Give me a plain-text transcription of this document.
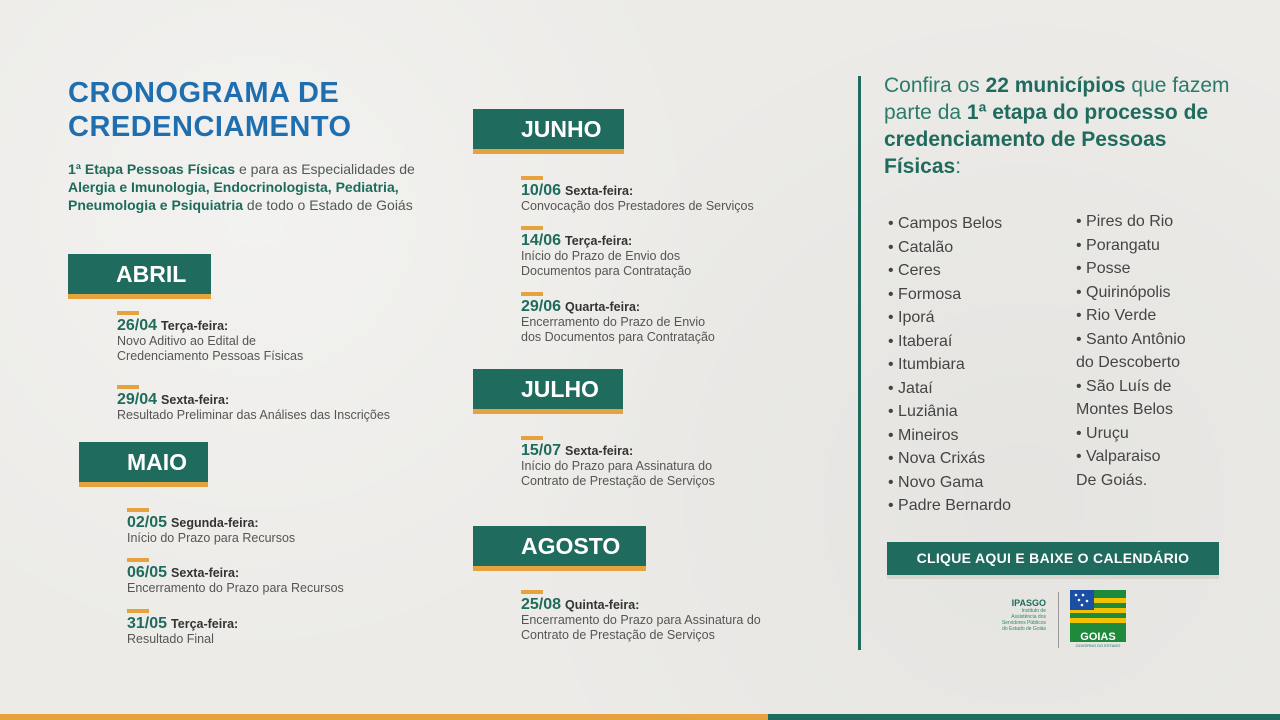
CRONOGRAMA DE
CREDENCIAMENTO
1ª Etapa Pessoas Físicas e para as Especialidades de Alergia e Imunologia, Endocrinologista, Pediatria, Pneumologia e Psiquiatria de todo o Estado de Goiás
ABRIL
MAIO
JUNHO
JULHO
AGOSTO
26/04 Terça-feira:
Novo Aditivo ao Edital de
Credenciamento Pessoas Físicas
29/04 Sexta-feira:
Resultado Preliminar das Análises das Inscrições
02/05 Segunda-feira:
Início do Prazo para Recursos
06/05 Sexta-feira:
Encerramento do Prazo para Recursos
31/05 Terça-feira:
Resultado Final
10/06 Sexta-feira:
Convocação dos Prestadores de Serviços
14/06 Terça-feira:
Início do Prazo de Envio dos
Documentos para Contratação
29/06 Quarta-feira:
Encerramento do Prazo de Envio
dos Documentos para Contratação
15/07 Sexta-feira:
Início do Prazo para Assinatura do
Contrato de Prestação de Serviços
25/08 Quinta-feira:
Encerramento do Prazo para Assinatura do
Contrato de Prestação de Serviços
Confira os 22 municípios que fazem parte da 1ª etapa do processo de credenciamento de Pessoas Físicas:
• Campos Belos
• Catalão
• Ceres
• Formosa
• Iporá
• Itaberaí
• Itumbiara
• Jataí
• Luziânia
• Mineiros
• Nova Crixás
• Novo Gama
• Padre Bernardo
• Pires do Rio
• Porangatu
• Posse
• Quirinópolis
• Rio Verde
• Santo Antônio
do Descoberto
• São Luís de
Montes Belos
• Uruçu
• Valparaiso
De Goiás.
CLIQUE AQUI E BAIXE O CALENDÁRIO
IPASGO
Instituto de
Assistência dos
Servidores Públicos
do Estado de Goiás
GOIAS
GOVERNO DO ESTADO
